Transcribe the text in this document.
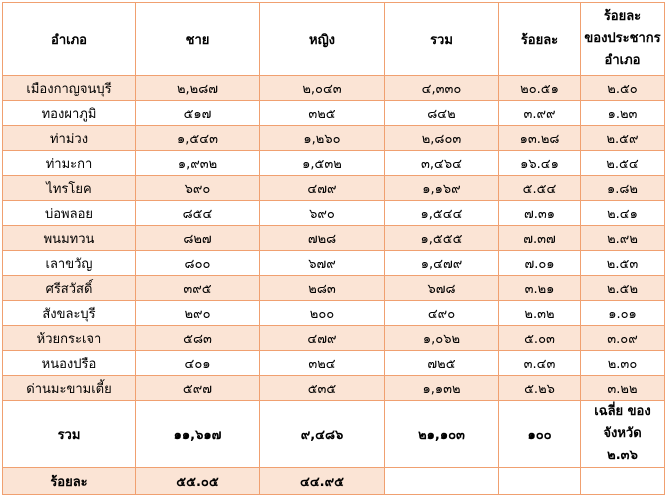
อำเภอ	ชาย	หญิง	รวม	ร้อยละ	ร้อยละ
ของประชากร
อำเภอ

เมืองกาญจนบุรี	๒,๒๘๗	๒,๐๔๓	๔,๓๓๐	๒๐.๕๑	๒.๕๐
ทองผาภูมิ	๕๑๗	๓๒๕	๘๔๒	๓.๙๙	๑.๒๓
ท่าม่วง	๑,๕๔๓	๑,๒๖๐	๒,๘๐๓	๑๓.๒๘	๒.๕๙
ท่ามะกา	๑,๙๓๒	๑,๕๓๒	๓,๔๖๔	๑๖.๔๑	๒.๕๔
ไทรโยค	๖๙๐	๔๗๙	๑,๑๖๙	๕.๕๔	๑.๘๒
บ่อพลอย	๘๕๔	๖๙๐	๑,๕๔๔	๗.๓๑	๒.๔๑
พนมทวน	๘๒๗	๗๒๘	๑,๕๕๕	๗.๓๗	๒.๙๒
เลาขวัญ	๘๐๐	๖๗๙	๑,๔๗๙	๗.๐๑	๒.๕๓
ศรีสวัสดิ์	๓๙๕	๒๘๓	๖๗๘	๓.๒๑	๒.๕๒
สังขละบุรี	๒๙๐	๒๐๐	๔๙๐	๒.๓๒	๑.๐๑
ห้วยกระเจา	๕๘๓	๔๗๙	๑,๐๖๒	๕.๐๓	๓.๐๙
หนองปรือ	๔๐๑	๓๒๔	๗๒๕	๓.๔๓	๒.๓๐
ด่านมะขามเตี้ย	๕๙๗	๕๓๕	๑,๑๓๒	๕.๒๖	๓.๒๒
รวม	๑๑,๖๑๗	๙,๔๘๖	๒๑,๑๐๓	๑๐๐	เฉลี่ย ของจังหวัด
๒.๓๖

ร้อยละ	๕๕.๐๕	๔๔.๙๕			
